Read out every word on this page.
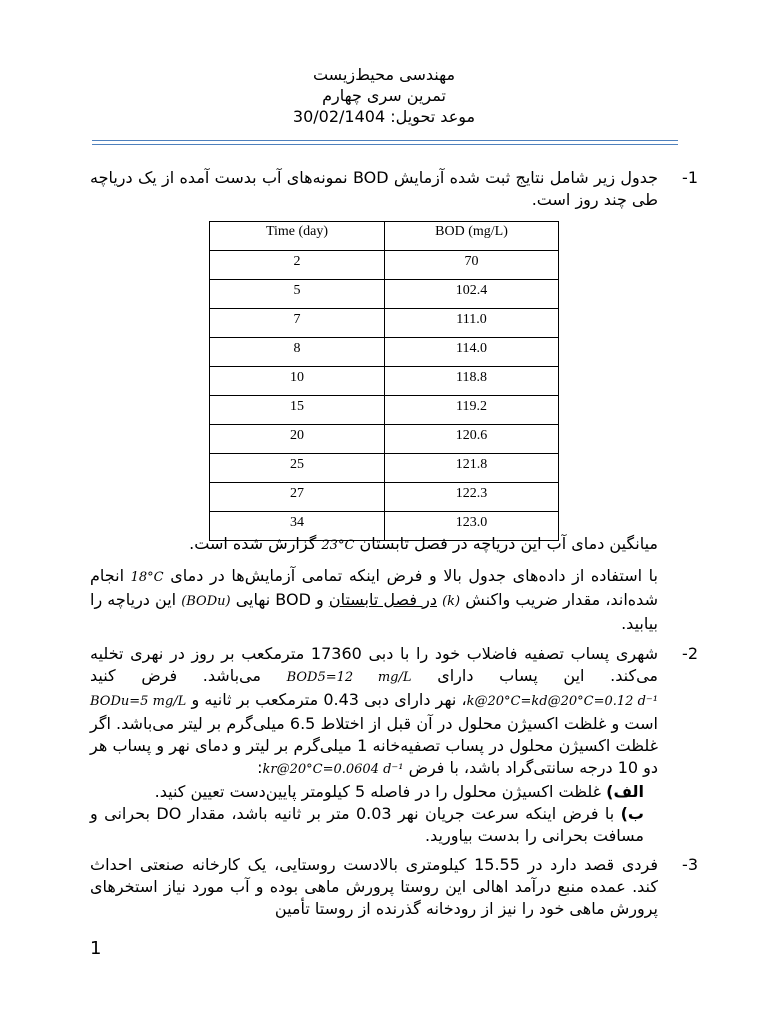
مهندسی محیط‌زیست
تمرین سری چهارم
موعد تحویل: 30/02/1404
-1

جدول زیر شامل نتایج ثبت شده آزمایش BOD نمونه‌های آب بدست آمده از یک دریاچه طی چند روز است.

Time (day)	BOD (mg/L)
2	70
5	102.4
7	111.0
8	114.0
10	118.8
15	119.2
20	120.6
25	121.8
27	122.3
34	123.0

میانگین دمای آب این دریاچه در فصل تابستان 23°C گزارش شده است.

با استفاده از داده‌های جدول بالا و فرض اینکه تمامی آزمایش‌ها در دمای 18°C انجام شده‌اند، مقدار ضریب واکنش (k) در فصل تابستان و BOD نهایی (BODu) این دریاچه را بیابید.

-2

شهری پساب تصفیه فاضلاب خود را با دبی 17360 مترمکعب بر روز در نهری تخلیه می‌کند. این پساب دارای BOD5=12 mg/L می‌باشد. فرض کنید k@20°C=kd@20°C=0.12 d⁻¹، نهر دارای دبی 0.43 مترمکعب بر ثانیه و BODu=5 mg/L است و غلظت اکسیژن محلول در آن قبل از اختلاط 6.5 میلی‌گرم بر لیتر می‌باشد. اگر غلظت اکسیژن محلول در پساب تصفیه‌خانه 1 میلی‌گرم بر لیتر و دمای نهر و پساب هر دو 10 درجه سانتی‌گراد باشد، با فرض kr@20°C=0.0604 d⁻¹:

الف) غلظت اکسیژن محلول را در فاصله 5 کیلومتر پایین‌دست تعیین کنید.

ب) با فرض اینکه سرعت جریان نهر 0.03 متر بر ثانیه باشد، مقدار DO بحرانی و مسافت بحرانی را بدست بیاورید.

-3

فردی قصد دارد در 15.55 کیلومتری بالادست روستایی، یک کارخانه صنعتی احداث کند. عمده منبع درآمد اهالی این روستا پرورش ماهی بوده و آب مورد نیاز استخرهای پرورش ماهی خود را نیز از رودخانه گذرنده از روستا تأمین

1
